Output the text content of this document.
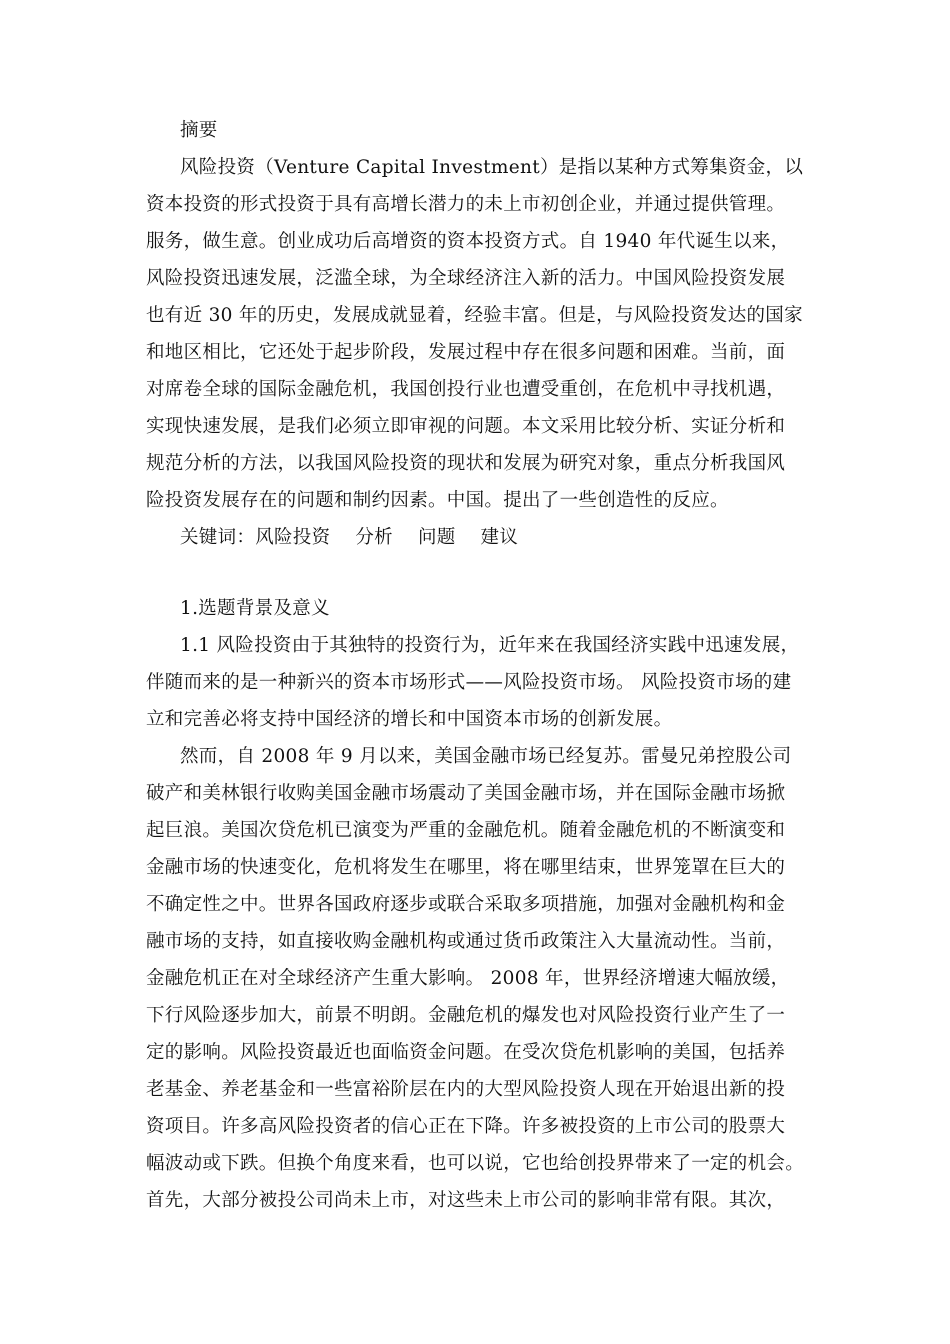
摘要
风险投资（Venture Capital Investment）是指以某种方式筹集资金，以
资本投资的形式投资于具有高增长潜力的未上市初创企业，并通过提供管理。
服务，做生意。创业成功后高增资的资本投资方式。自 1940 年代诞生以来，
风险投资迅速发展，泛滥全球，为全球经济注入新的活力。中国风险投资发展
也有近 30 年的历史，发展成就显着，经验丰富。但是，与风险投资发达的国家
和地区相比，它还处于起步阶段，发展过程中存在很多问题和困难。当前，面
对席卷全球的国际金融危机，我国创投行业也遭受重创，在危机中寻找机遇，
实现快速发展，是我们必须立即审视的问题。本文采用比较分析、实证分析和
规范分析的方法，以我国风险投资的现状和发展为研究对象，重点分析我国风
险投资发展存在的问题和制约因素。中国。提出了一些创造性的反应。
关键词：风险投资　 分析　 问题　 建议
1.选题背景及意义
1.1 风险投资由于其独特的投资行为，近年来在我国经济实践中迅速发展，
伴随而来的是一种新兴的资本市场形式——风险投资市场。 风险投资市场的建
立和完善必将支持中国经济的增长和中国资本市场的创新发展。
然而，自 2008 年 9 月以来，美国金融市场已经复苏。雷曼兄弟控股公司
破产和美林银行收购美国金融市场震动了美国金融市场，并在国际金融市场掀
起巨浪。美国次贷危机已演变为严重的金融危机。随着金融危机的不断演变和
金融市场的快速变化，危机将发生在哪里，将在哪里结束，世界笼罩在巨大的
不确定性之中。世界各国政府逐步或联合采取多项措施，加强对金融机构和金
融市场的支持，如直接收购金融机构或通过货币政策注入大量流动性。当前，
金融危机正在对全球经济产生重大影响。 2008 年，世界经济增速大幅放缓，
下行风险逐步加大，前景不明朗。金融危机的爆发也对风险投资行业产生了一
定的影响。风险投资最近也面临资金问题。在受次贷危机影响的美国，包括养
老基金、养老基金和一些富裕阶层在内的大型风险投资人现在开始退出新的投
资项目。许多高风险投资者的信心正在下降。许多被投资的上市公司的股票大
幅波动或下跌。但换个角度来看，也可以说，它也给创投界带来了一定的机会。
首先，大部分被投公司尚未上市，对这些未上市公司的影响非常有限。其次，
